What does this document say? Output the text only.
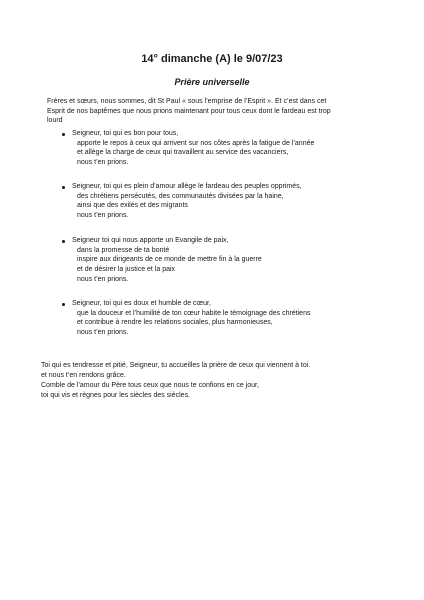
14° dimanche (A) le 9/07/23
Prière universelle

Frères et sœurs, nous sommes, dit St Paul « sous l’emprise de l’Esprit ». Et c’est dans cet

Esprit de nos baptêmes que nous prions maintenant pour tous ceux dont le fardeau est trop

lourd

Seigneur, toi qui es bon pour tous,

apporte le repos à ceux qui arrivent sur nos côtes après la fatigue de l’année

et allège la charge de ceux qui travaillent au service des vacanciers,

nous t’en prions.

Seigneur, toi qui es plein d’amour allège le fardeau des peuples opprimés,

des chrétiens persécutés, des communautés divisées par la haine,

ainsi que des exilés et des migrants

nous t’en prions.

Seigneur toi qui nous apporte un Evangile de paix,

dans la promesse de ta bonté

inspire aux dirigeants de ce monde de mettre fin à la guerre

et de désirer la justice et la paix

nous t’en prions.

Seigneur, toi qui es doux et humble de cœur,

que la douceur et l’humilité de ton cœur habite le témoignage des chrétiens

et contribue à rendre les relations sociales, plus harmonieuses,

nous t’en prions.

Toi qui es tendresse et pitié, Seigneur, tu accueilles la prière de ceux qui viennent à toi.

et nous t’en rendons grâce.

Comble de l’amour du Père tous ceux que nous te confions en ce jour,

toi qui vis et règnes pour les siècles des siècles.
